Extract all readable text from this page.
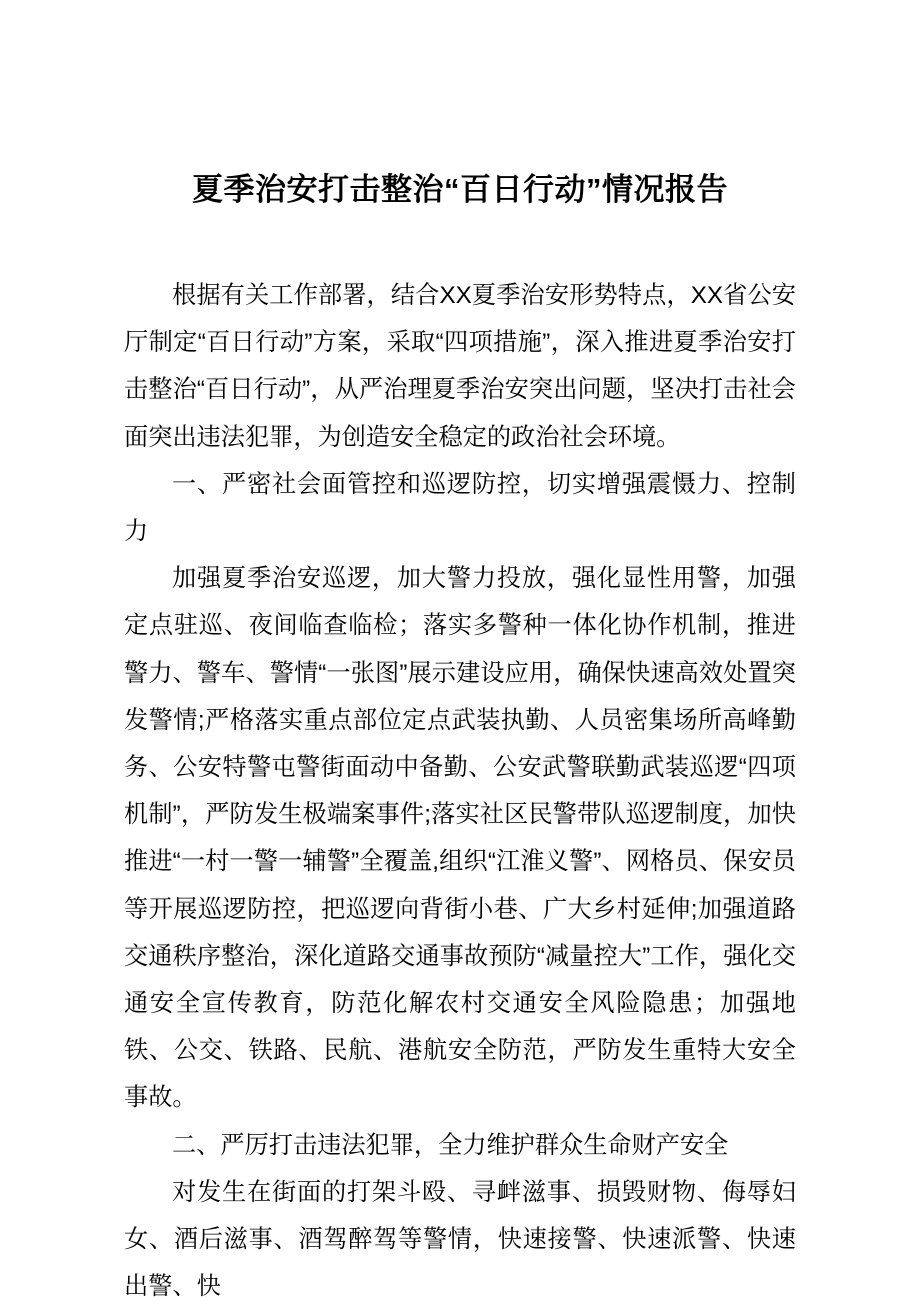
夏季治安打击整治“百日行动”情况报告

根据有关工作部署，结合XX夏季治安形势特点，XX省公安厅制定“百日行动”方案，采取“四项措施”，深入推进夏季治安打击整治“百日行动”，从严治理夏季治安突出问题，坚决打击社会面突出违法犯罪，为创造安全稳定的政治社会环境。

一、严密社会面管控和巡逻防控，切实增强震慑力、控制力

加强夏季治安巡逻，加大警力投放，强化显性用警，加强定点驻巡、夜间临查临检；落实多警种一体化协作机制，推进警力、警车、警情“一张图”展示建设应用，确保快速高效处置突发警情;严格落实重点部位定点武装执勤、人员密集场所高峰勤务、公安特警屯警街面动中备勤、公安武警联勤武装巡逻“四项机制”，严防发生极端案事件;落实社区民警带队巡逻制度，加快推进“一村一警一辅警”全覆盖,组织“江淮义警”、网格员、保安员等开展巡逻防控，把巡逻向背街小巷、广大乡村延伸;加强道路交通秩序整治，深化道路交通事故预防“减量控大”工作，强化交通安全宣传教育，防范化解农村交通安全风险隐患；加强地铁、公交、铁路、民航、港航安全防范，严防发生重特大安全事故。

二、严厉打击违法犯罪，全力维护群众生命财产安全

对发生在街面的打架斗殴、寻衅滋事、损毁财物、侮辱妇女、酒后滋事、酒驾醉驾等警情，快速接警、快速派警、快速出警、快
